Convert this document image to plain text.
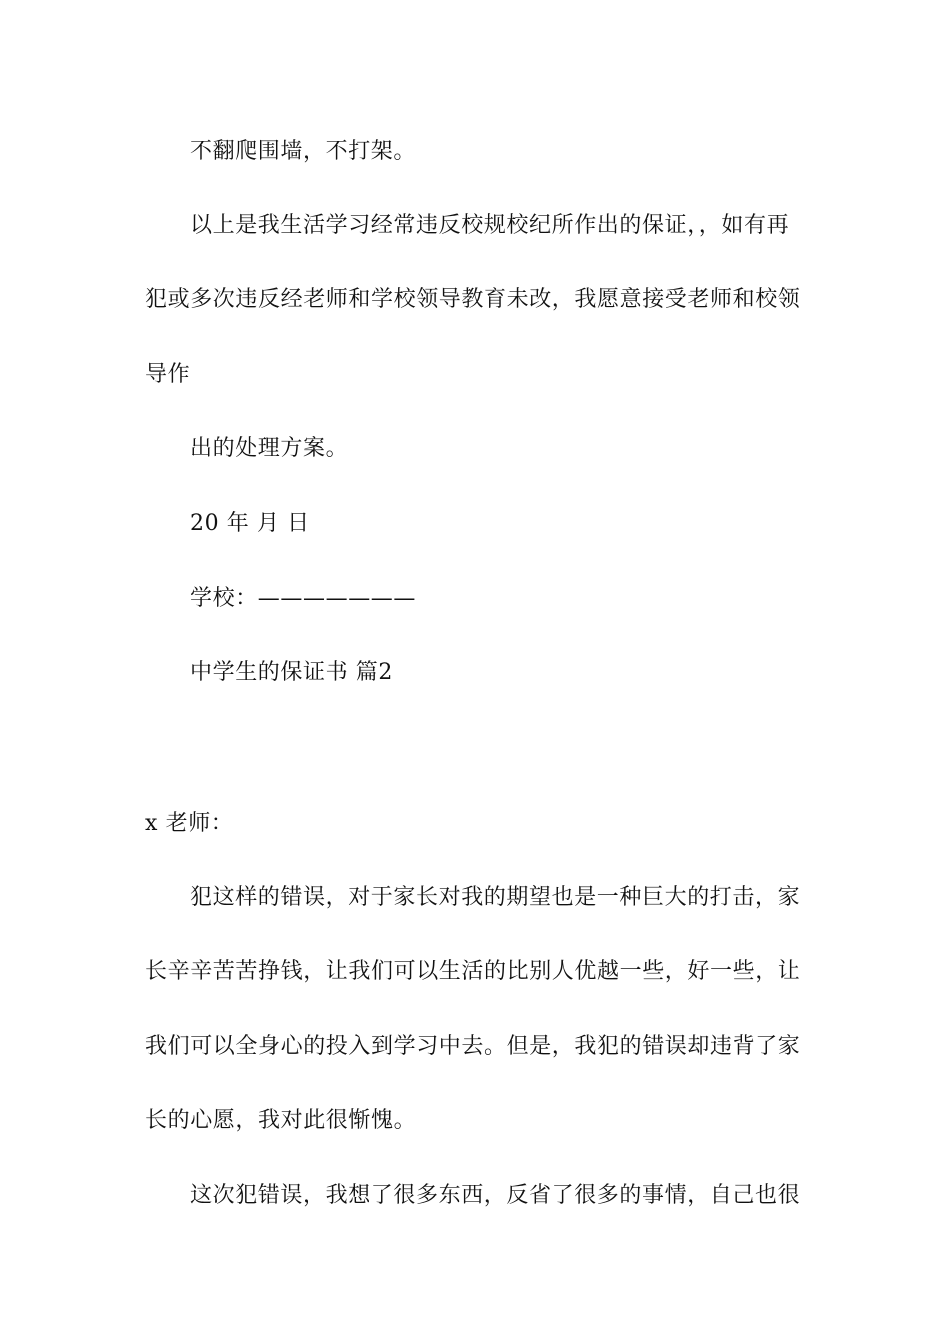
不翻爬围墙，不打架。
以上是我生活学习经常违反校规校纪所作出的保证，，如有再
犯或多次违反经老师和学校领导教育未改，我愿意接受老师和校领
导作
出的处理方案。
20 年 月 日
学校：———————
中学生的保证书 篇2
x 老师：
犯这样的错误，对于家长对我的期望也是一种巨大的打击，家
长辛辛苦苦挣钱，让我们可以生活的比别人优越一些，好一些，让
我们可以全身心的投入到学习中去。但是，我犯的错误却违背了家
长的心愿，我对此很惭愧。
这次犯错误，我想了很多东西，反省了很多的事情，自己也很
